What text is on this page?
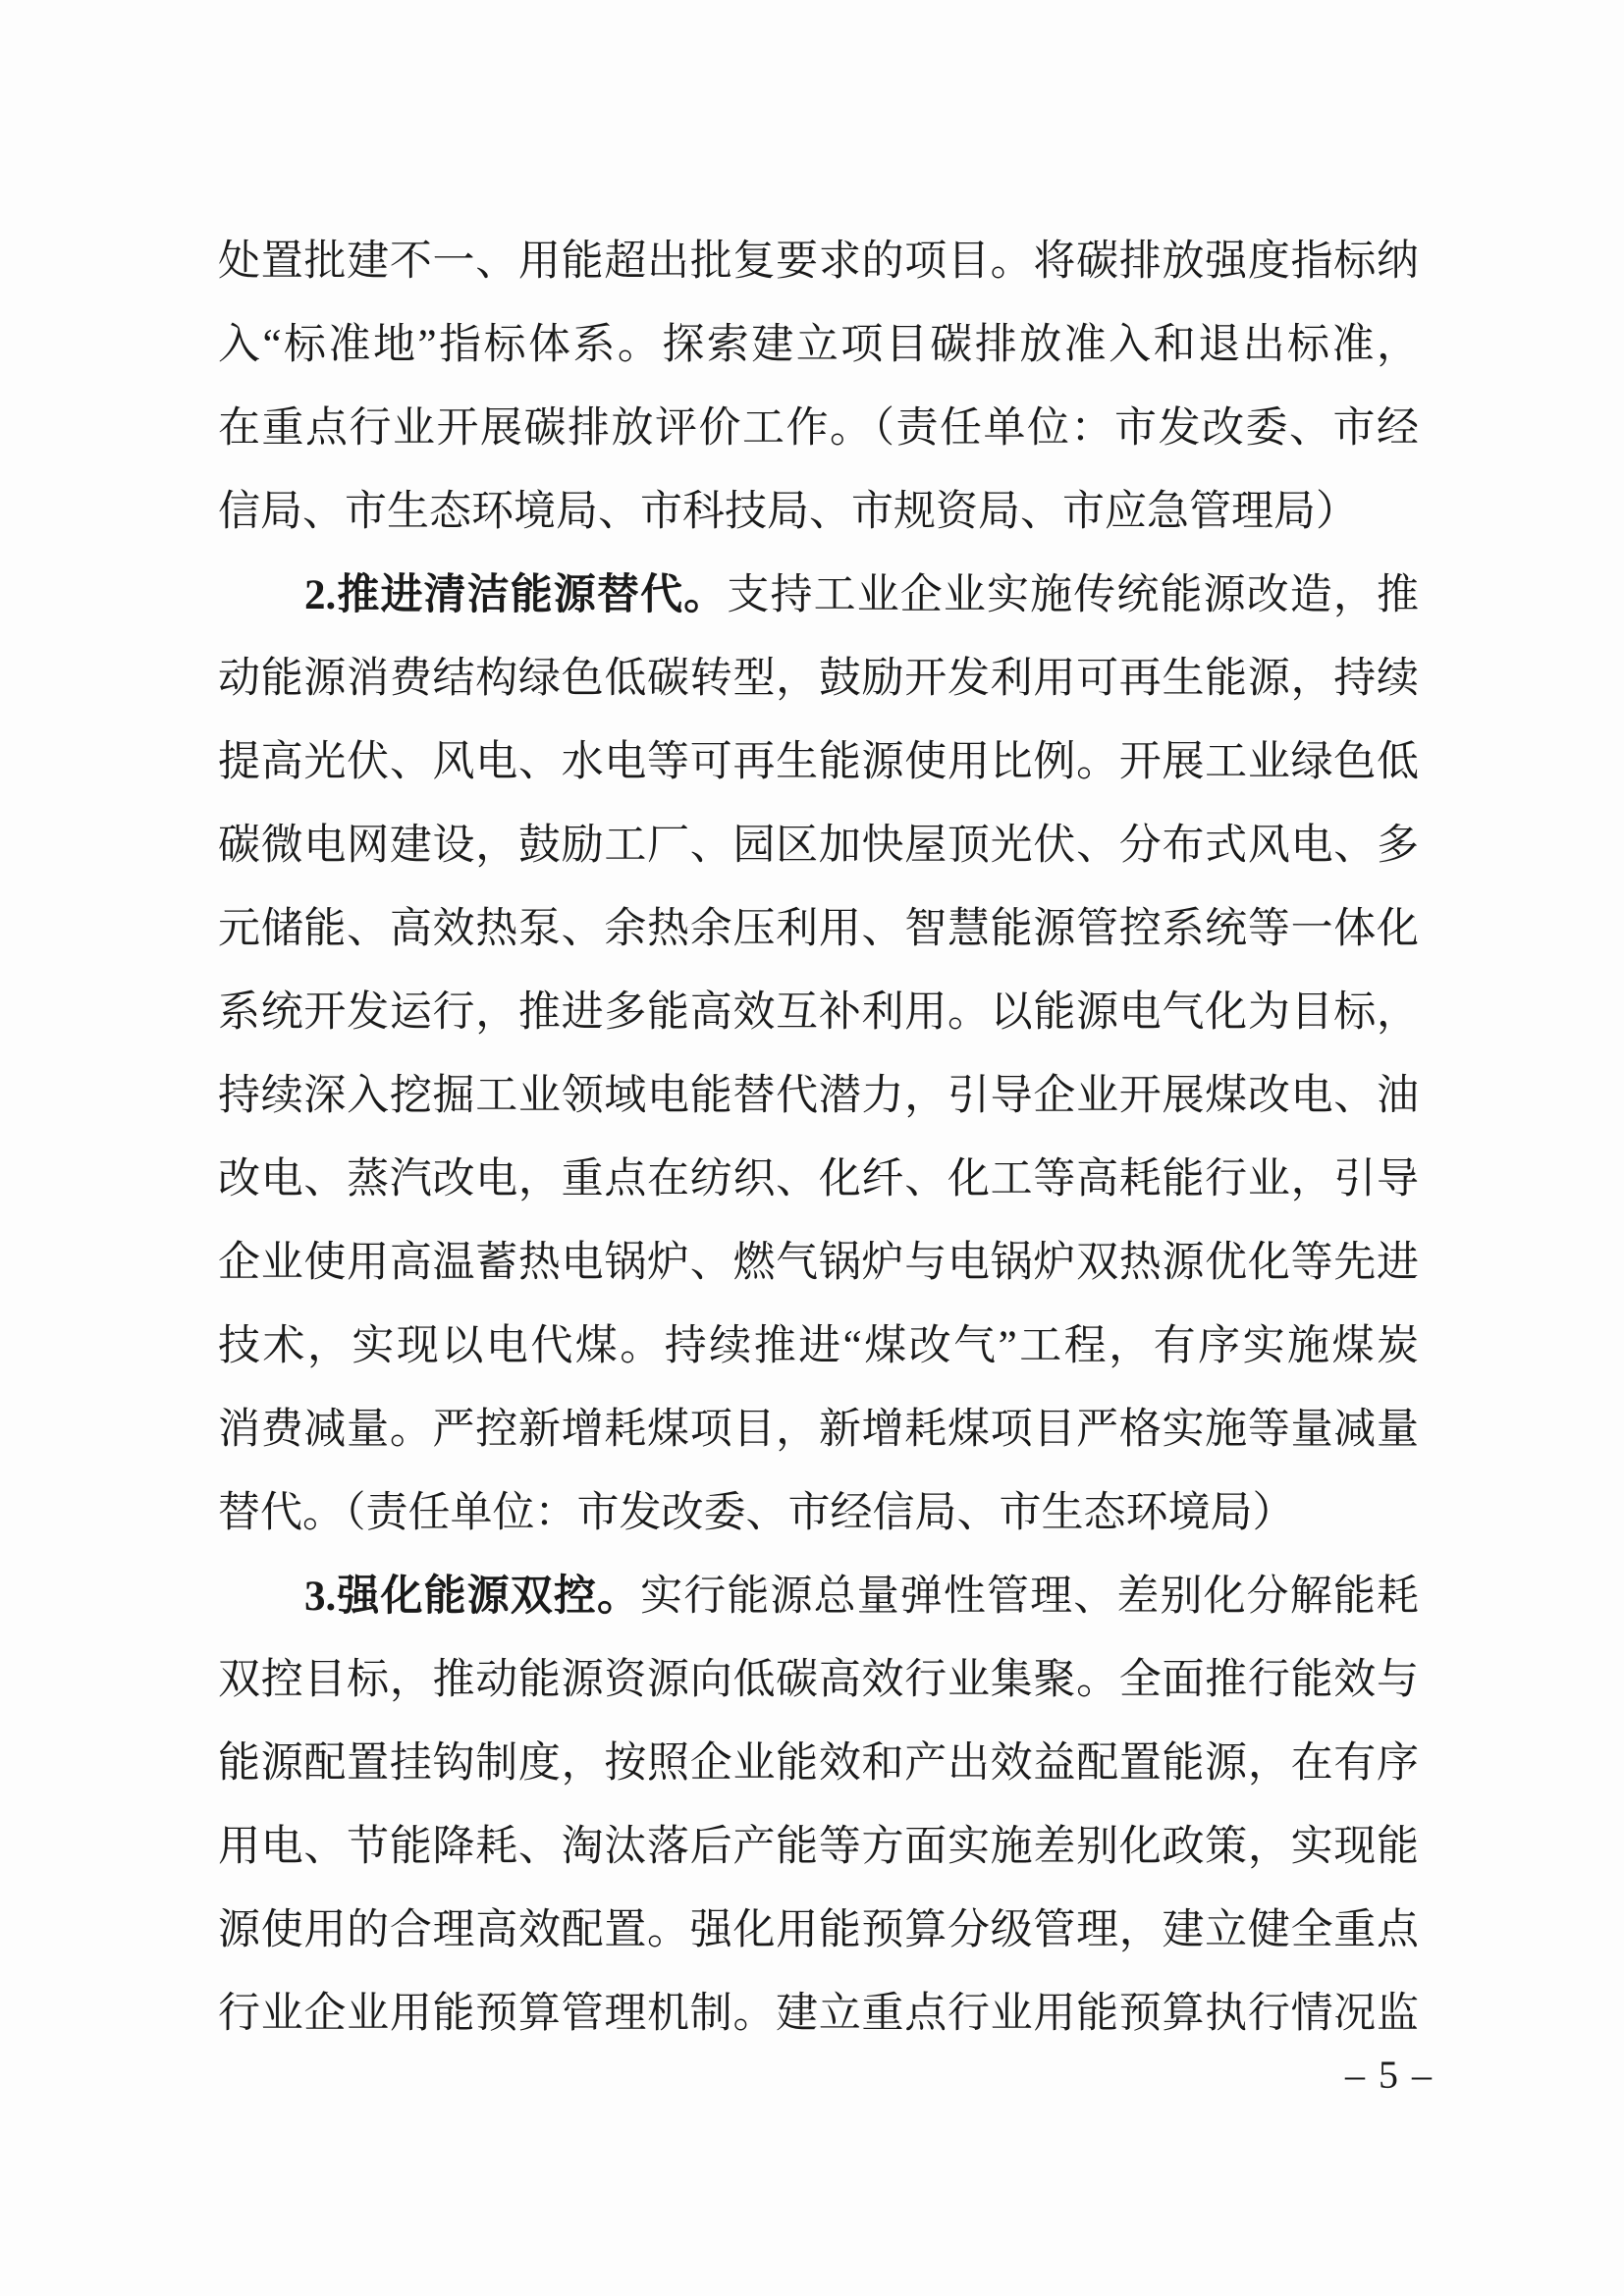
处置批建不一、用能超出批复要求的项目。将碳排放强度指标纳
入“标准地”指标体系。探索建立项目碳排放准入和退出标准，
在重点行业开展碳排放评价工作。（责任单位：市发改委、市经
信局、市生态环境局、市科技局、市规资局、市应急管理局）
2.推进清洁能源替代。支持工业企业实施传统能源改造，推
动能源消费结构绿色低碳转型，鼓励开发利用可再生能源，持续
提高光伏、风电、水电等可再生能源使用比例。开展工业绿色低
碳微电网建设，鼓励工厂、园区加快屋顶光伏、分布式风电、多
元储能、高效热泵、余热余压利用、智慧能源管控系统等一体化
系统开发运行，推进多能高效互补利用。以能源电气化为目标，
持续深入挖掘工业领域电能替代潜力，引导企业开展煤改电、油
改电、蒸汽改电，重点在纺织、化纤、化工等高耗能行业，引导
企业使用高温蓄热电锅炉、燃气锅炉与电锅炉双热源优化等先进
技术，实现以电代煤。持续推进“煤改气”工程，有序实施煤炭
消费减量。严控新增耗煤项目，新增耗煤项目严格实施等量减量
替代。（责任单位：市发改委、市经信局、市生态环境局）
3.强化能源双控。实行能源总量弹性管理、差别化分解能耗
双控目标，推动能源资源向低碳高效行业集聚。全面推行能效与
能源配置挂钩制度，按照企业能效和产出效益配置能源，在有序
用电、节能降耗、淘汰落后产能等方面实施差别化政策，实现能
源使用的合理高效配置。强化用能预算分级管理，建立健全重点
行业企业用能预算管理机制。建立重点行业用能预算执行情况监
– 5 –
